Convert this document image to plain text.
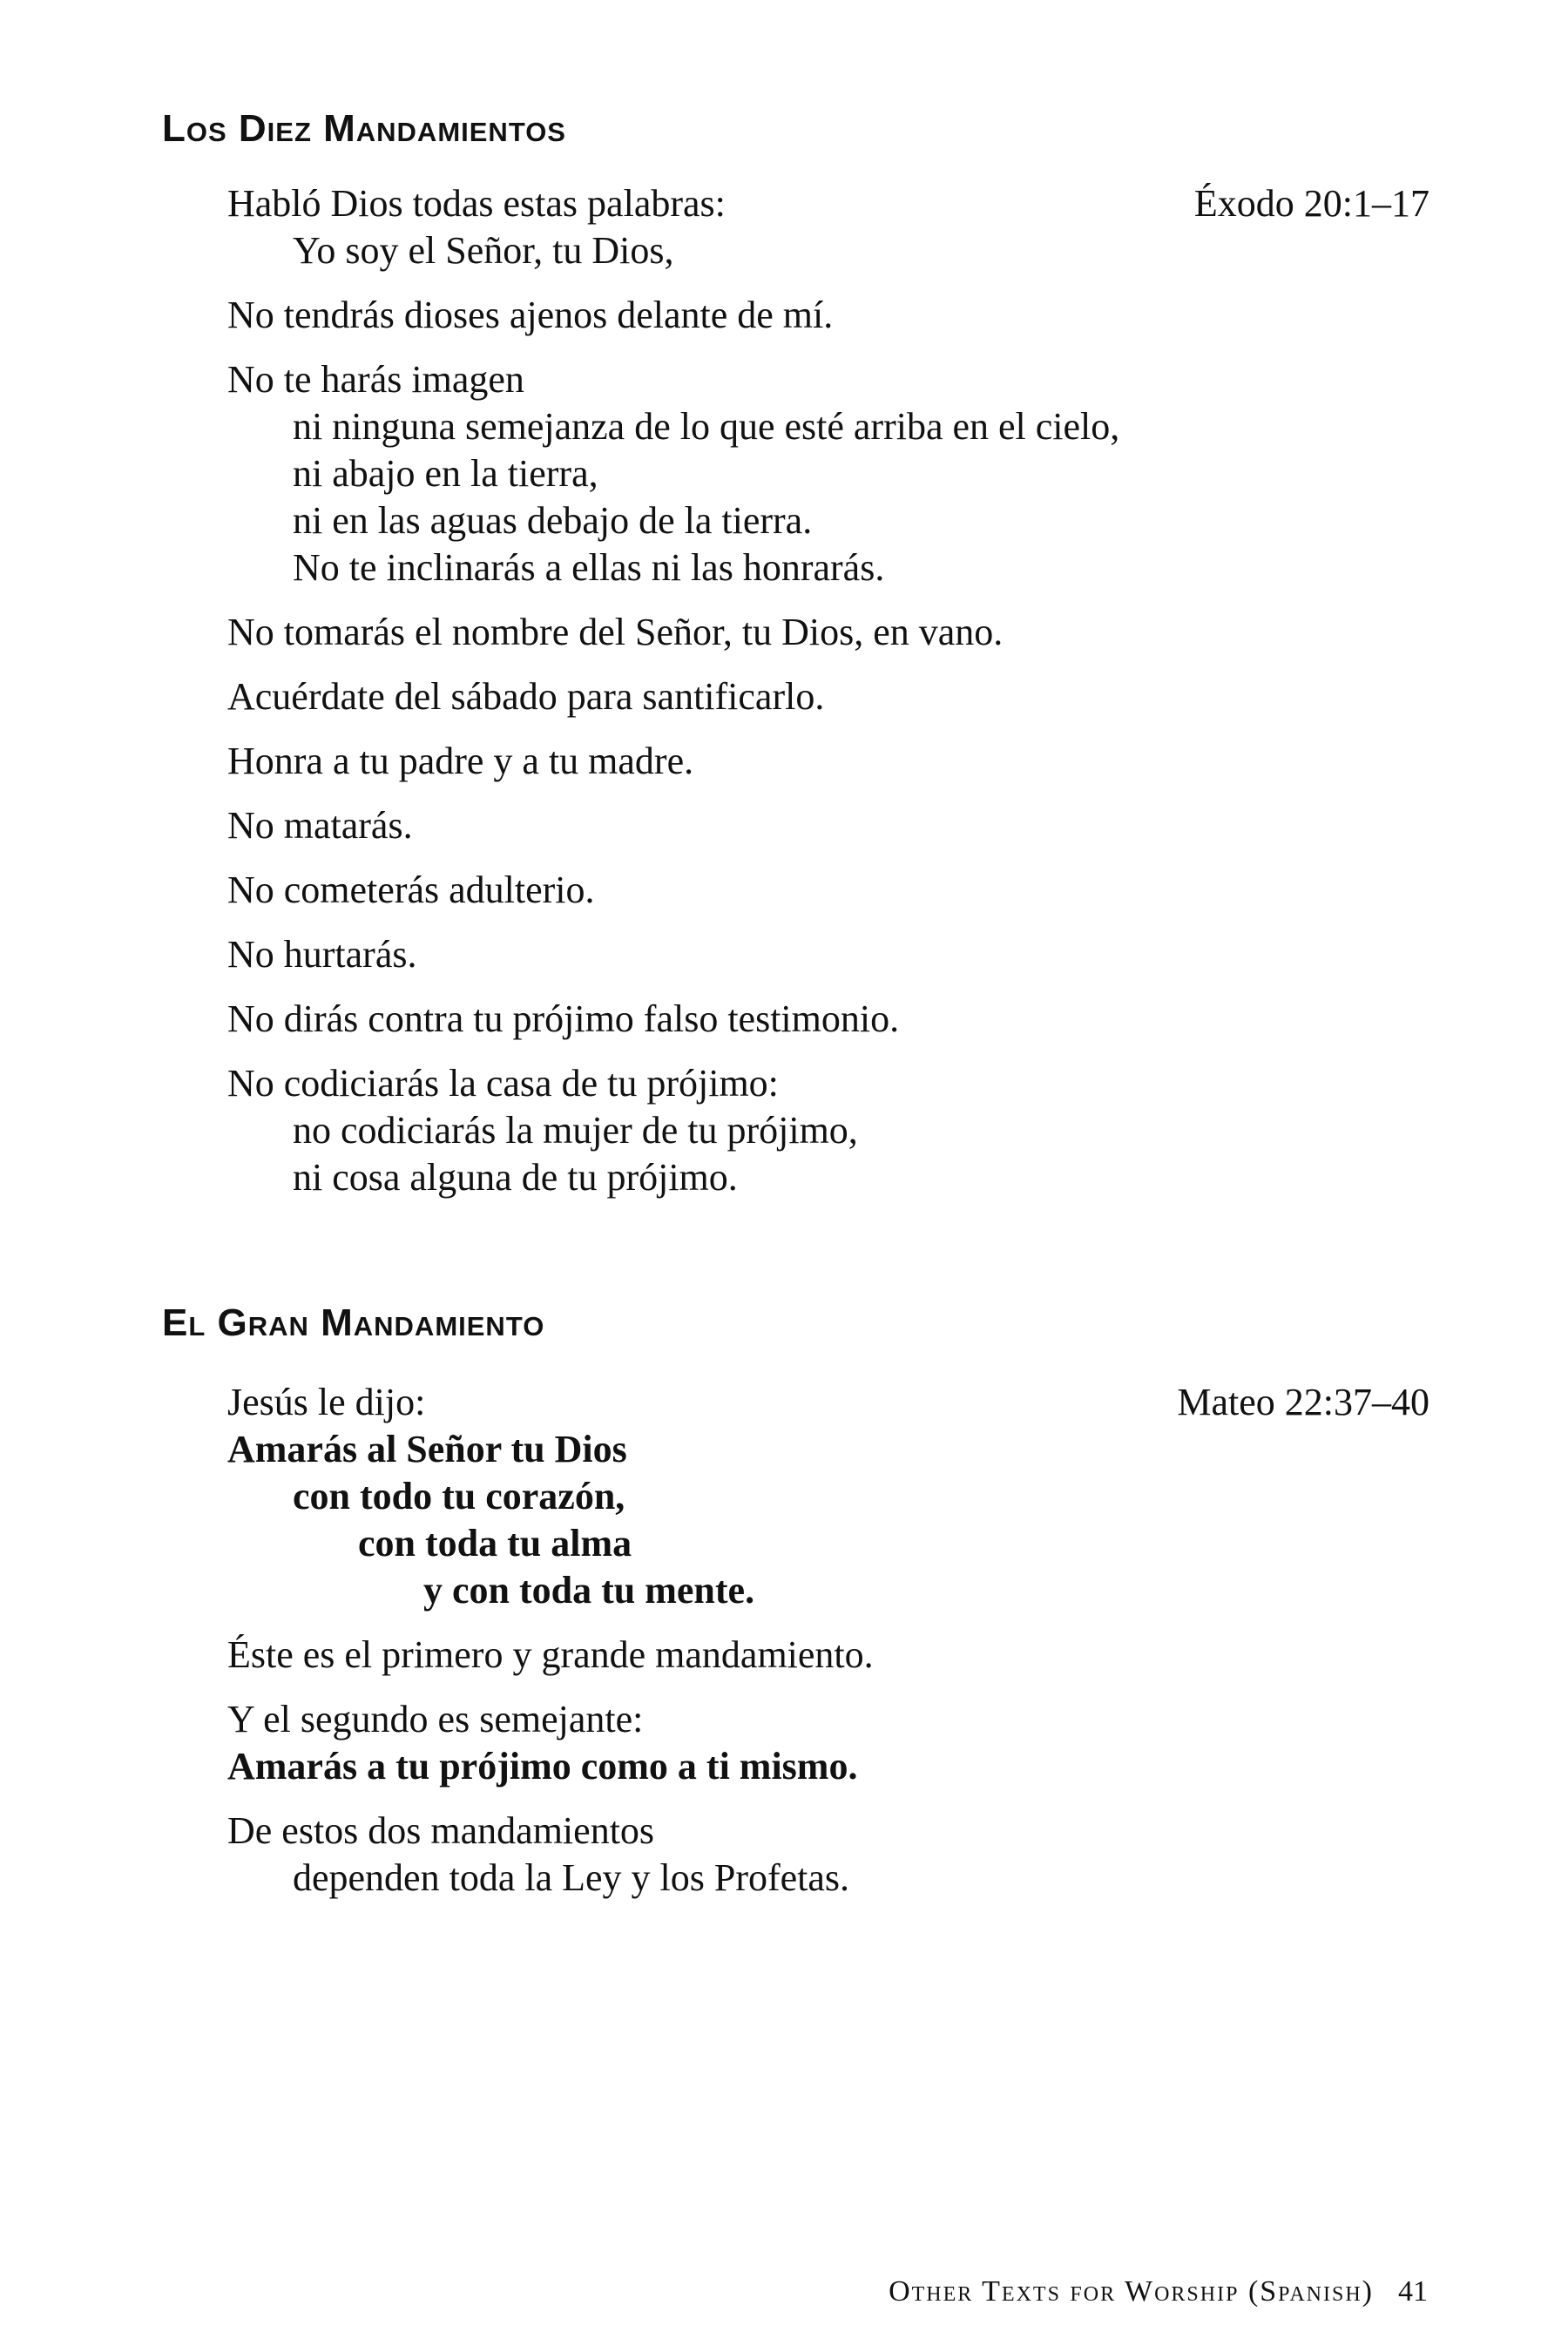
Los Diez Mandamientos
Éxodo 20:1–17
Habló Dios todas estas palabras:
Yo soy el Señor, tu Dios,
No tendrás dioses ajenos delante de mí.
No te harás imagen
ni ninguna semejanza de lo que esté arriba en el cielo,
ni abajo en la tierra,
ni en las aguas debajo de la tierra.
No te inclinarás a ellas ni las honrarás.
No tomarás el nombre del Señor, tu Dios, en vano.
Acuérdate del sábado para santificarlo.
Honra a tu padre y a tu madre.
No matarás.
No cometerás adulterio.
No hurtarás.
No dirás contra tu prójimo falso testimonio.
No codiciarás la casa de tu prójimo:
no codiciarás la mujer de tu prójimo,
ni cosa alguna de tu prójimo.
El Gran Mandamiento
Mateo 22:37–40
Jesús le dijo:
Amarás al Señor tu Dios
con todo tu corazón,
con toda tu alma
y con toda tu mente.
Éste es el primero y grande mandamiento.
Y el segundo es semejante:
Amarás a tu prójimo como a ti mismo.
De estos dos mandamientos
dependen toda la Ley y los Profetas.
Other Texts for Worship (Spanish) 41
